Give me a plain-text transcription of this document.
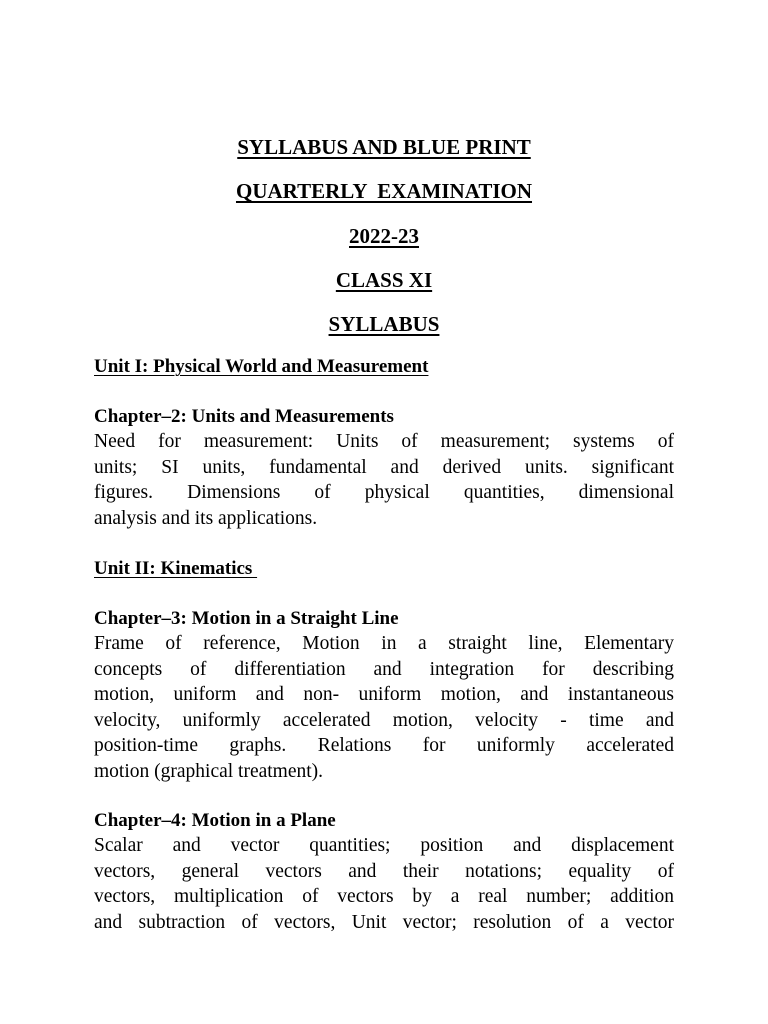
SYLLABUS AND BLUE PRINT
QUARTERLY  EXAMINATION
2022-23
CLASS XI
SYLLABUS
Unit I: Physical World and Measurement
Chapter–2: Units and Measurements
Need for measurement: Units of measurement; systems of
units; SI units, fundamental and derived units. significant
figures. Dimensions of physical quantities, dimensional
analysis and its applications.
Unit II: Kinematics
Chapter–3: Motion in a Straight Line
Frame of reference, Motion in a straight line, Elementary
concepts of differentiation and integration for describing
motion, uniform and non- uniform motion, and instantaneous
velocity, uniformly accelerated motion, velocity - time and
position-time graphs. Relations for uniformly accelerated
motion (graphical treatment).
Chapter–4: Motion in a Plane
Scalar and vector quantities; position and displacement
vectors, general vectors and their notations; equality of
vectors, multiplication of vectors by a real number; addition
and subtraction of vectors, Unit vector; resolution of a vector
